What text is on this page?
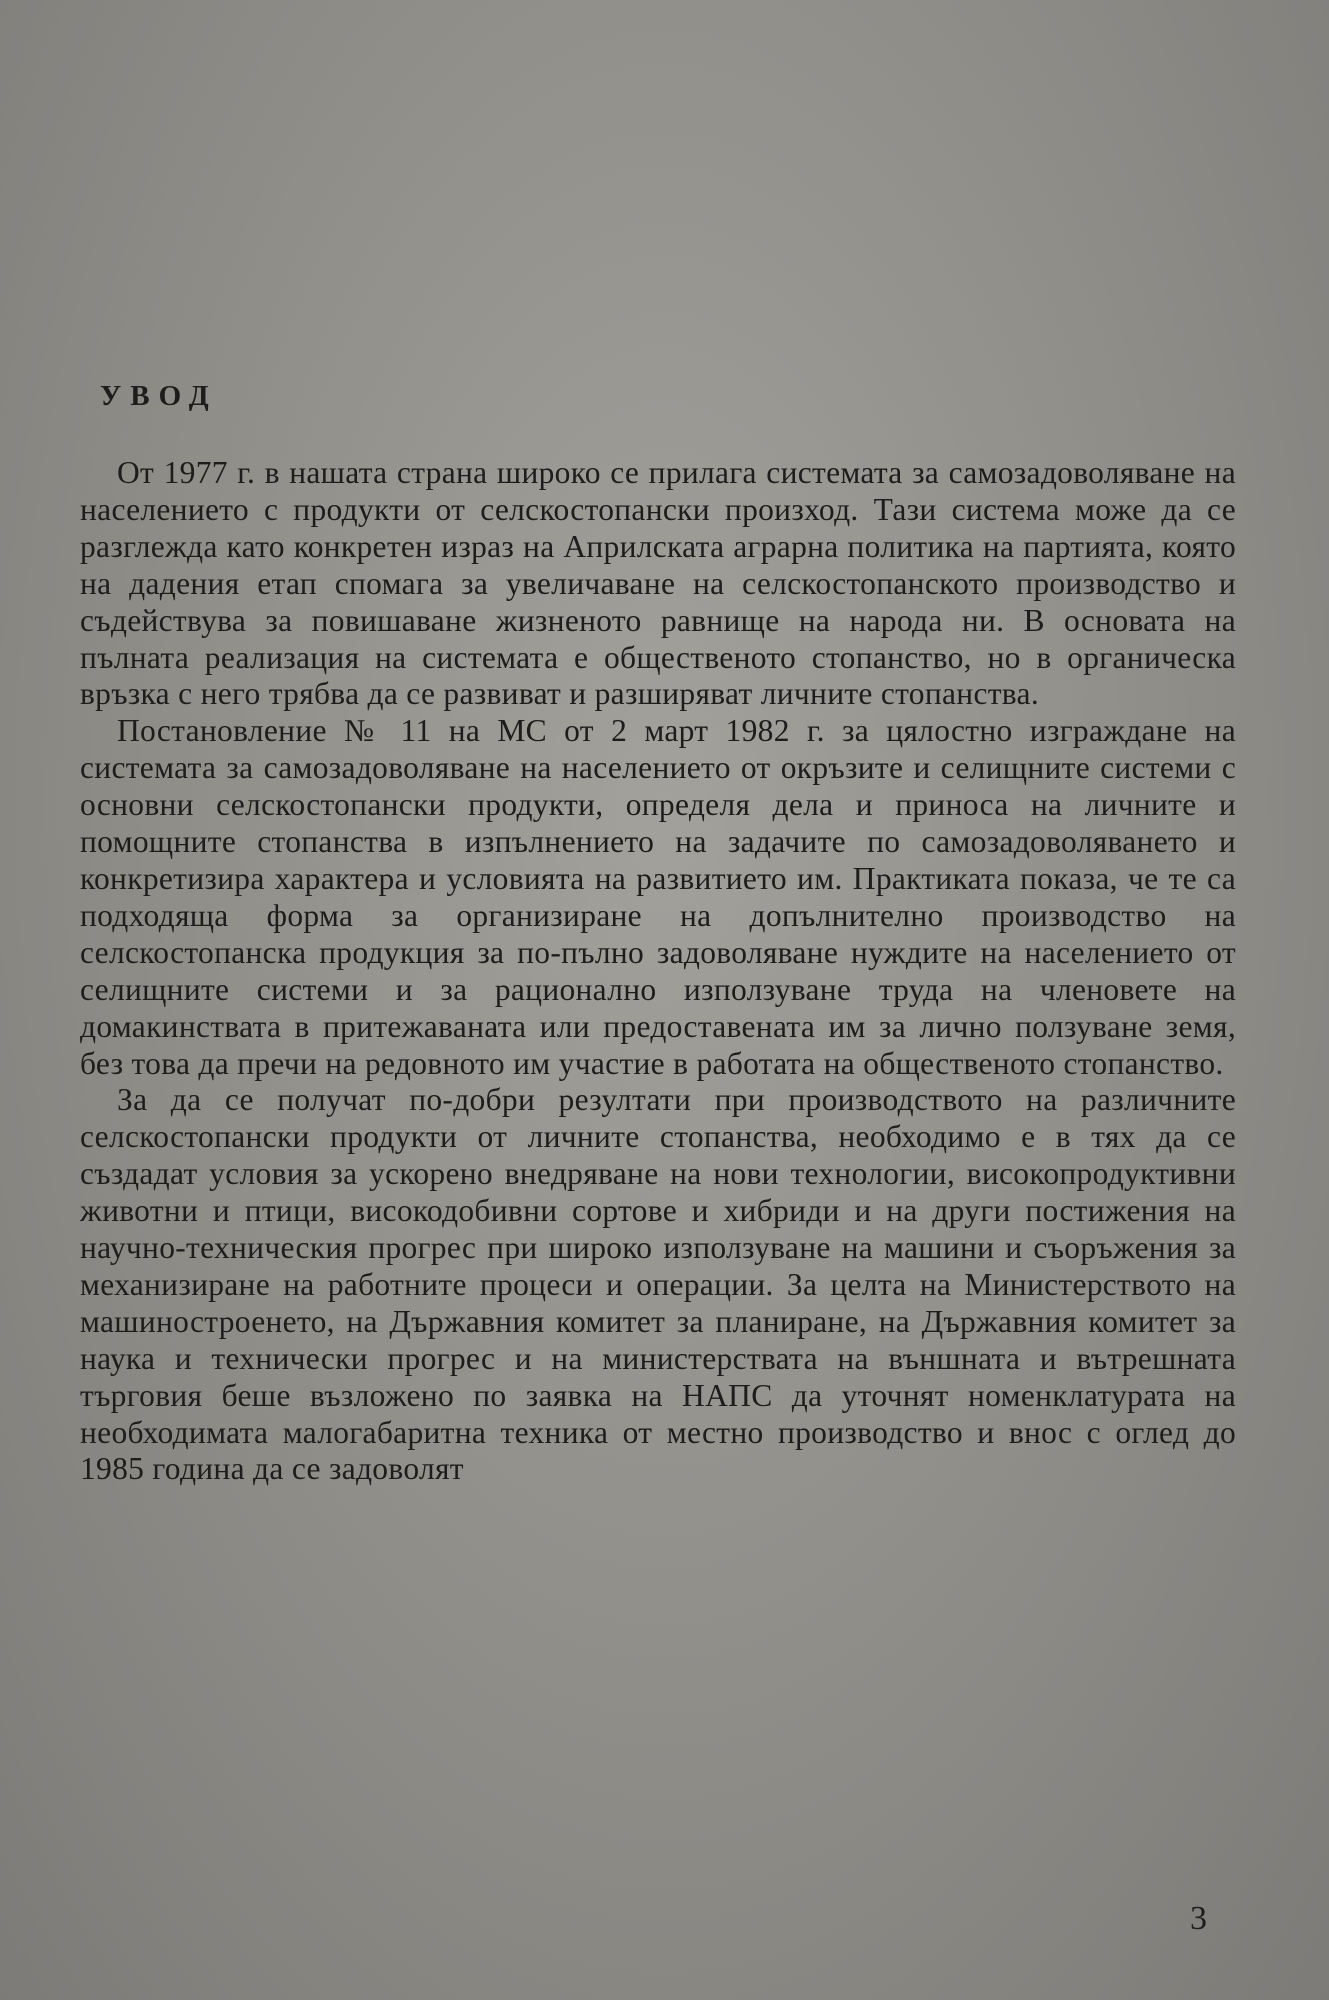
УВОД

От 1977 г. в нашата страна широко се прилага системата за самозадоволяване на населението с продукти от селскостопански произход. Тази система може да се разглежда като конкретен израз на Априлската аграрна политика на партията, която на дадения етап спомага за увеличаване на селскостопанското производство и съдействува за повишаване жизненото равнище на народа ни. В основата на пълната реализация на системата е общественото стопанство, но в органическа връзка с него трябва да се развиват и разширяват личните стопанства.

Постановление № 11 на МС от 2 март 1982 г. за цялостно изграждане на системата за самозадоволяване на населението от окръзите и селищните системи с основни селскостопански продукти, определя дела и приноса на личните и помощните стопанства в изпълнението на задачите по самозадоволяването и конкретизира характера и условията на развитието им. Практиката показа, че те са подходяща форма за организиране на допълнително производство на селскостопанска продукция за по-пълно задоволяване нуждите на населението от селищните системи и за рационално използуване труда на членовете на домакинствата в притежаваната или предоставената им за лично ползуване земя, без това да пречи на редовното им участие в работата на общественото стопанство.

За да се получат по-добри резултати при производството на различните селскостопански продукти от личните стопанства, необходимо е в тях да се създадат условия за ускорено внедряване на нови технологии, високопродуктивни животни и птици, високодобивни сортове и хибриди и на други постижения на научно-техническия прогрес при широко използуване на машини и съоръжения за механизиране на работните процеси и операции. За целта на Министерството на машиностроенето, на Държавния комитет за планиране, на Държавния комитет за наука и технически прогрес и на министерствата на външната и вътрешната търговия беше възложено по заявка на НАПС да уточнят номенклатурата на необходимата малогабаритна техника от местно производство и внос с оглед до 1985 година да се задоволят

3
